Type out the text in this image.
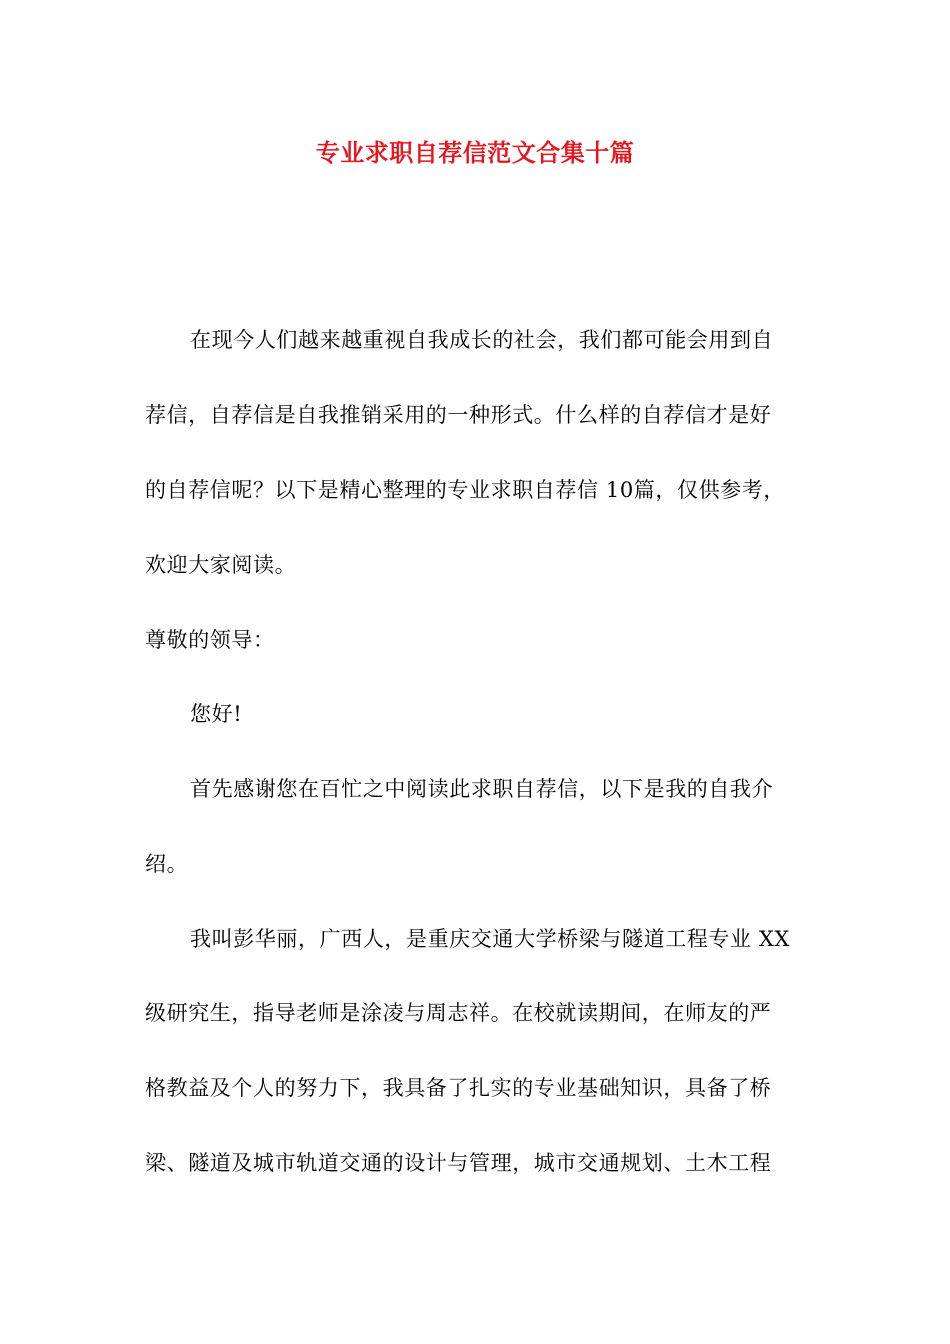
专业求职自荐信范文合集十篇
在现今人们越来越重视自我成长的社会，我们都可能会用到自
荐信，自荐信是自我推销采用的一种形式。什么样的自荐信才是好
的自荐信呢？以下是精心整理的专业求职自荐信 10篇，仅供参考，
欢迎大家阅读。
尊敬的领导：
您好!
首先感谢您在百忙之中阅读此求职自荐信，以下是我的自我介
绍。
我叫彭华丽，广西人，是重庆交通大学桥梁与隧道工程专业 XX
级研究生，指导老师是涂凌与周志祥。在校就读期间，在师友的严
格教益及个人的努力下，我具备了扎实的专业基础知识，具备了桥
梁、隧道及城市轨道交通的设计与管理，城市交通规划、土木工程
